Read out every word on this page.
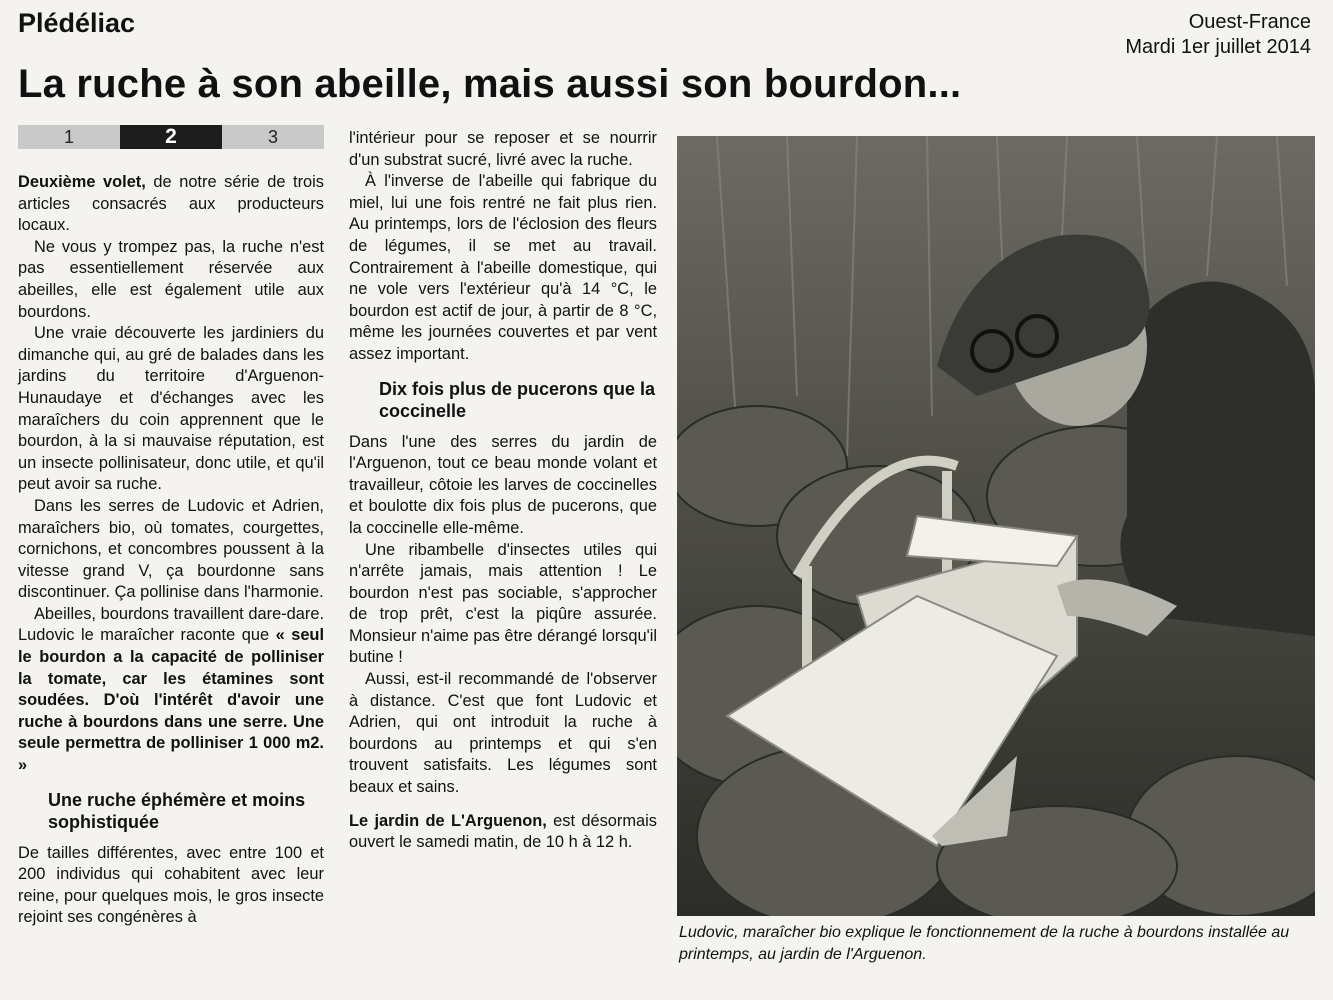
Plédéliac	Ouest-France
Mardi 1er juillet 2014
La ruche à son abeille, mais aussi son bourdon...
1	2	3

Deuxième volet, de notre série de trois articles consacrés aux producteurs locaux.

Ne vous y trompez pas, la ruche n'est pas essentiellement réservée aux abeilles, elle est également utile aux bourdons.

Une vraie découverte les jardiniers du dimanche qui, au gré de balades dans les jardins du territoire d'Arguenon-Hunaudaye et d'échanges avec les maraîchers du coin apprennent que le bourdon, à la si mauvaise réputation, est un insecte pollinisateur, donc utile, et qu'il peut avoir sa ruche.

Dans les serres de Ludovic et Adrien, maraîchers bio, où tomates, courgettes, cornichons, et concombres poussent à la vitesse grand V, ça bourdonne sans discontinuer. Ça pollinise dans l'harmonie.

Abeilles, bourdons travaillent dare-dare. Ludovic le maraîcher raconte que « seul le bourdon a la capacité de polliniser la tomate, car les étamines sont soudées. D'où l'intérêt d'avoir une ruche à bourdons dans une serre. Une seule permettra de polliniser 1 000 m2. »

Une ruche éphémère et moins sophistiquée

De tailles différentes, avec entre 100 et 200 individus qui cohabitent avec leur reine, pour quelques mois, le gros insecte rejoint ses congénères à

l'intérieur pour se reposer et se nourrir d'un substrat sucré, livré avec la ruche.

À l'inverse de l'abeille qui fabrique du miel, lui une fois rentré ne fait plus rien. Au printemps, lors de l'éclosion des fleurs de légumes, il se met au travail. Contrairement à l'abeille domestique, qui ne vole vers l'extérieur qu'à 14 °C, le bourdon est actif de jour, à partir de 8 °C, même les journées couvertes et par vent assez important.

Dix fois plus de pucerons que la coccinelle

Dans l'une des serres du jardin de l'Arguenon, tout ce beau monde volant et travailleur, côtoie les larves de coccinelles et boulotte dix fois plus de pucerons, que la coccinelle elle-même.

Une ribambelle d'insectes utiles qui n'arrête jamais, mais attention ! Le bourdon n'est pas sociable, s'approcher de trop prêt, c'est la piqûre assurée. Monsieur n'aime pas être dérangé lorsqu'il butine !

Aussi, est-il recommandé de l'observer à distance. C'est que font Ludovic et Adrien, qui ont introduit la ruche à bourdons au printemps et qui s'en trouvent satisfaits. Les légumes sont beaux et sains.

Le jardin de L'Arguenon, est désormais ouvert le samedi matin, de 10 h à 12 h.

Ludovic, maraîcher bio explique le fonctionnement de la ruche à bourdons installée au printemps, au jardin de l'Arguenon.
